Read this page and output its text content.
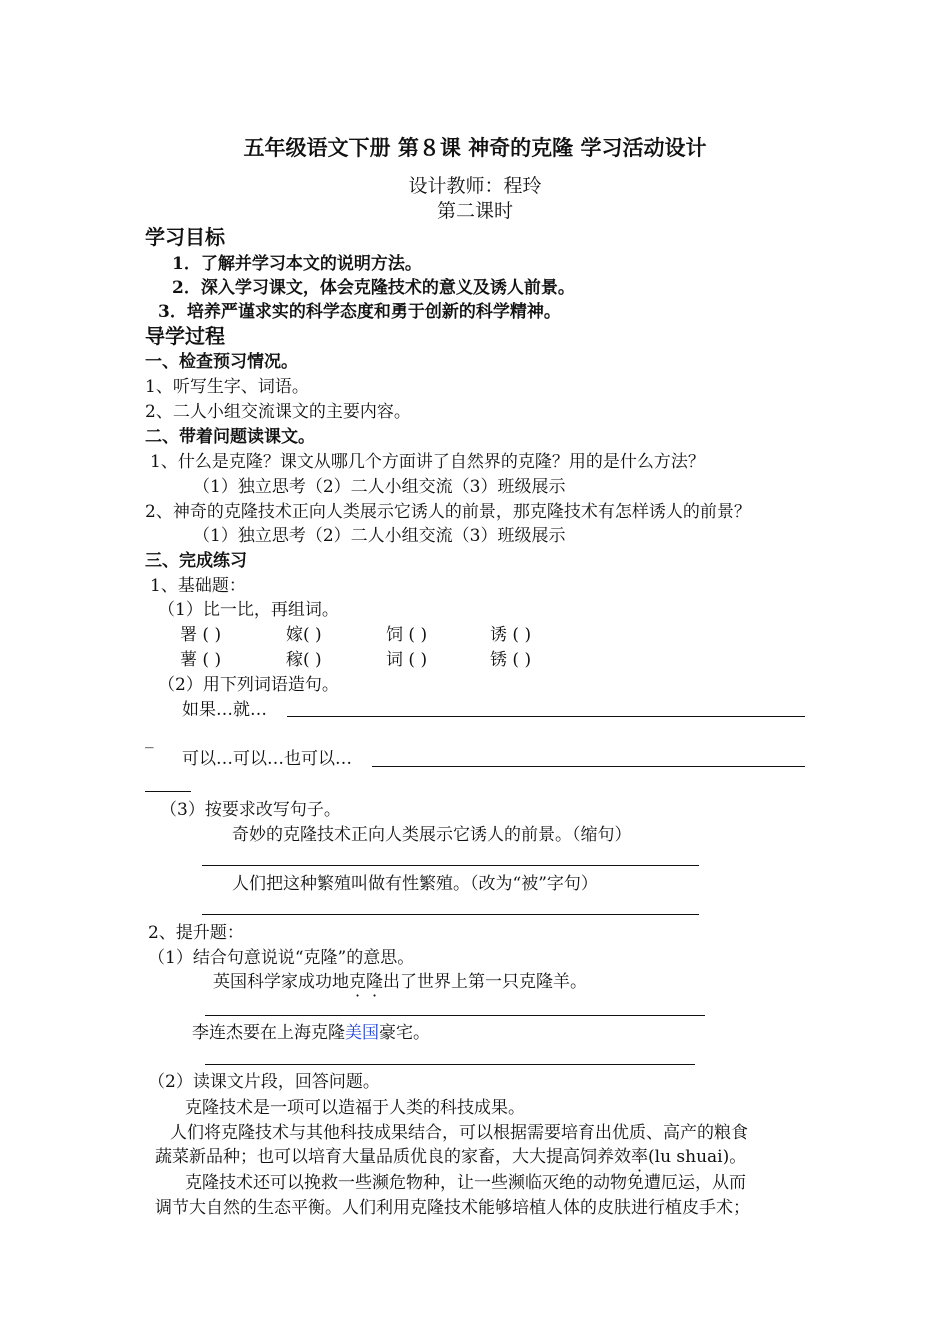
五年级语文下册 第８课 神奇的克隆 学习活动设计
设计教师：程玲
第二课时
学习目标
1．了解并学习本文的说明方法。
2．深入学习课文，体会克隆技术的意义及诱人前景。
3．培养严谨求实的科学态度和勇于创新的科学精神。
导学过程
一、检查预习情况。
1、听写生字、词语。
2、二人小组交流课文的主要内容。
二、带着问题读课文。
1、什么是克隆？课文从哪几个方面讲了自然界的克隆？用的是什么方法？
（1）独立思考（2）二人小组交流（3）班级展示
2、神奇的克隆技术正向人类展示它诱人的前景，那克隆技术有怎样诱人的前景？
（1）独立思考（2）二人小组交流（3）班级展示
三、完成练习
1、基础题：
（1）比一比，再组词。
署 ( )	嫁( )	饲 ( )	诱 ( )
薯 ( )	稼( )	词 ( )	锈 ( )
（2）用下列词语造句。
如果…就…
_
可以…可以…也可以…
（3）按要求改写句子。
奇妙的克隆技术正向人类展示它诱人的前景。（缩句）
人们把这种繁殖叫做有性繁殖。（改为“被”字句）
2、提升题：
（1）结合句意说说“克隆”的意思。
英国科学家成功地克隆出了世界上第一只克隆羊。
李连杰要在上海克隆美国豪宅。
（2）读课文片段，回答问题。
克隆技术是一项可以造福于人类的科技成果。
人们将克隆技术与其他科技成果结合，可以根据需要培育出优质、高产的粮食
蔬菜新品种；也可以培育大量品质优良的家畜，大大提高饲养效率(lu shuai)。
克隆技术还可以挽救一些濒危物种，让一些濒临灭绝的动物免遭厄运，从而
调节大自然的生态平衡。人们利用克隆技术能够培植人体的皮肤进行植皮手术；
